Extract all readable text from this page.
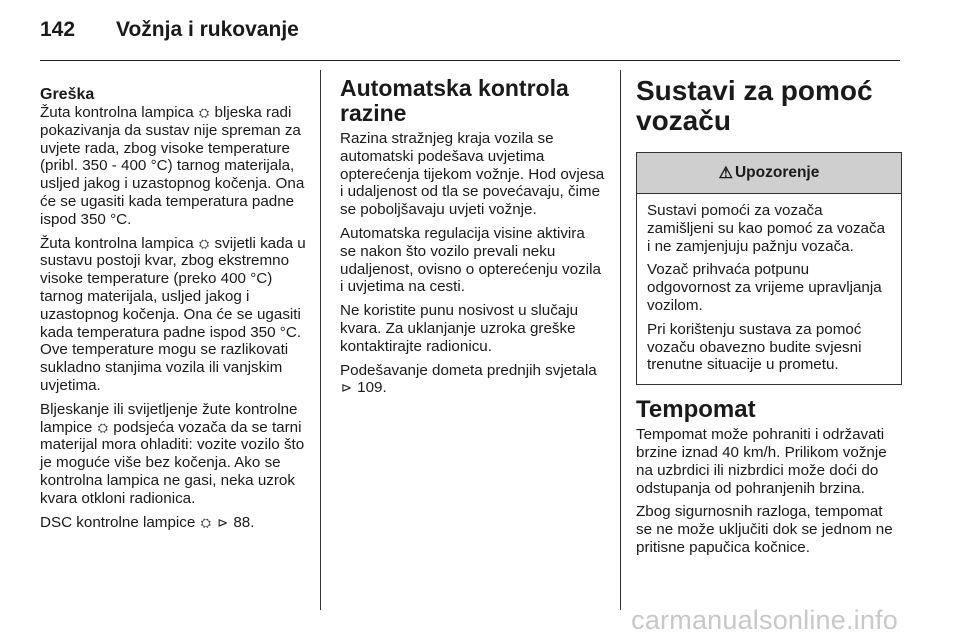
142	Vožnja i rukovanje
Greška

Žuta kontrolna lampica ⛭ bljeska radi pokazivanja da sustav nije spreman za uvjete rada, zbog visoke temperature (pribl. 350 - 400 °C) tarnog materijala, usljed jakog i uzastopnog kočenja. Ona će se ugasiti kada temperatura padne ispod 350 °C.

Žuta kontrolna lampica ⛭ svijetli kada u sustavu postoji kvar, zbog ekstremno visoke temperature (preko 400 °C) tarnog materijala, usljed jakog i uzastopnog kočenja. Ona će se ugasiti kada temperatura padne ispod 350 °C. Ove temperature mogu se razlikovati sukladno stanjima vozila ili vanjskim uvjetima.

Bljeskanje ili svijetljenje žute kontrolne lampice ⛭ podsjeća vozača da se tarni materijal mora ohladiti: vozite vozilo što je moguće više bez kočenja. Ako se kontrolna lampica ne gasi, neka uzrok kvara otkloni radionica.

DSC kontrolne lampice ⛭ ⊳ 88.

Automatska kontrola razine

Razina stražnjeg kraja vozila se automatski podešava uvjetima opterećenja tijekom vožnje. Hod ovjesa i udaljenost od tla se povećavaju, čime se poboljšavaju uvjeti vožnje.

Automatska regulacija visine aktivira se nakon što vozilo prevali neku udaljenost, ovisno o opterećenju vozila i uvjetima na cesti.

Ne koristite punu nosivost u slučaju kvara. Za uklanjanje uzroka greške kontaktirajte radionicu.

Podešavanje dometa prednjih svjetala ⊳ 109.

Sustavi za pomoć vozaču
⚠ Upozorenje

Sustavi pomoći za vozača zamišljeni su kao pomoć za vozača i ne zamjenjuju pažnju vozača.

Vozač prihvaća potpunu odgovornost za vrijeme upravljanja vozilom.

Pri korištenju sustava za pomoć vozaču obavezno budite svjesni trenutne situacije u prometu.

Tempomat

Tempomat može pohraniti i održavati brzine iznad 40 km/h. Prilikom vožnje na uzbrdici ili nizbrdici može doći do odstupanja od pohranjenih brzina.

Zbog sigurnosnih razloga, tempomat se ne može uključiti dok se jednom ne pritisne papučica kočnice.

carmanualsonline.info
